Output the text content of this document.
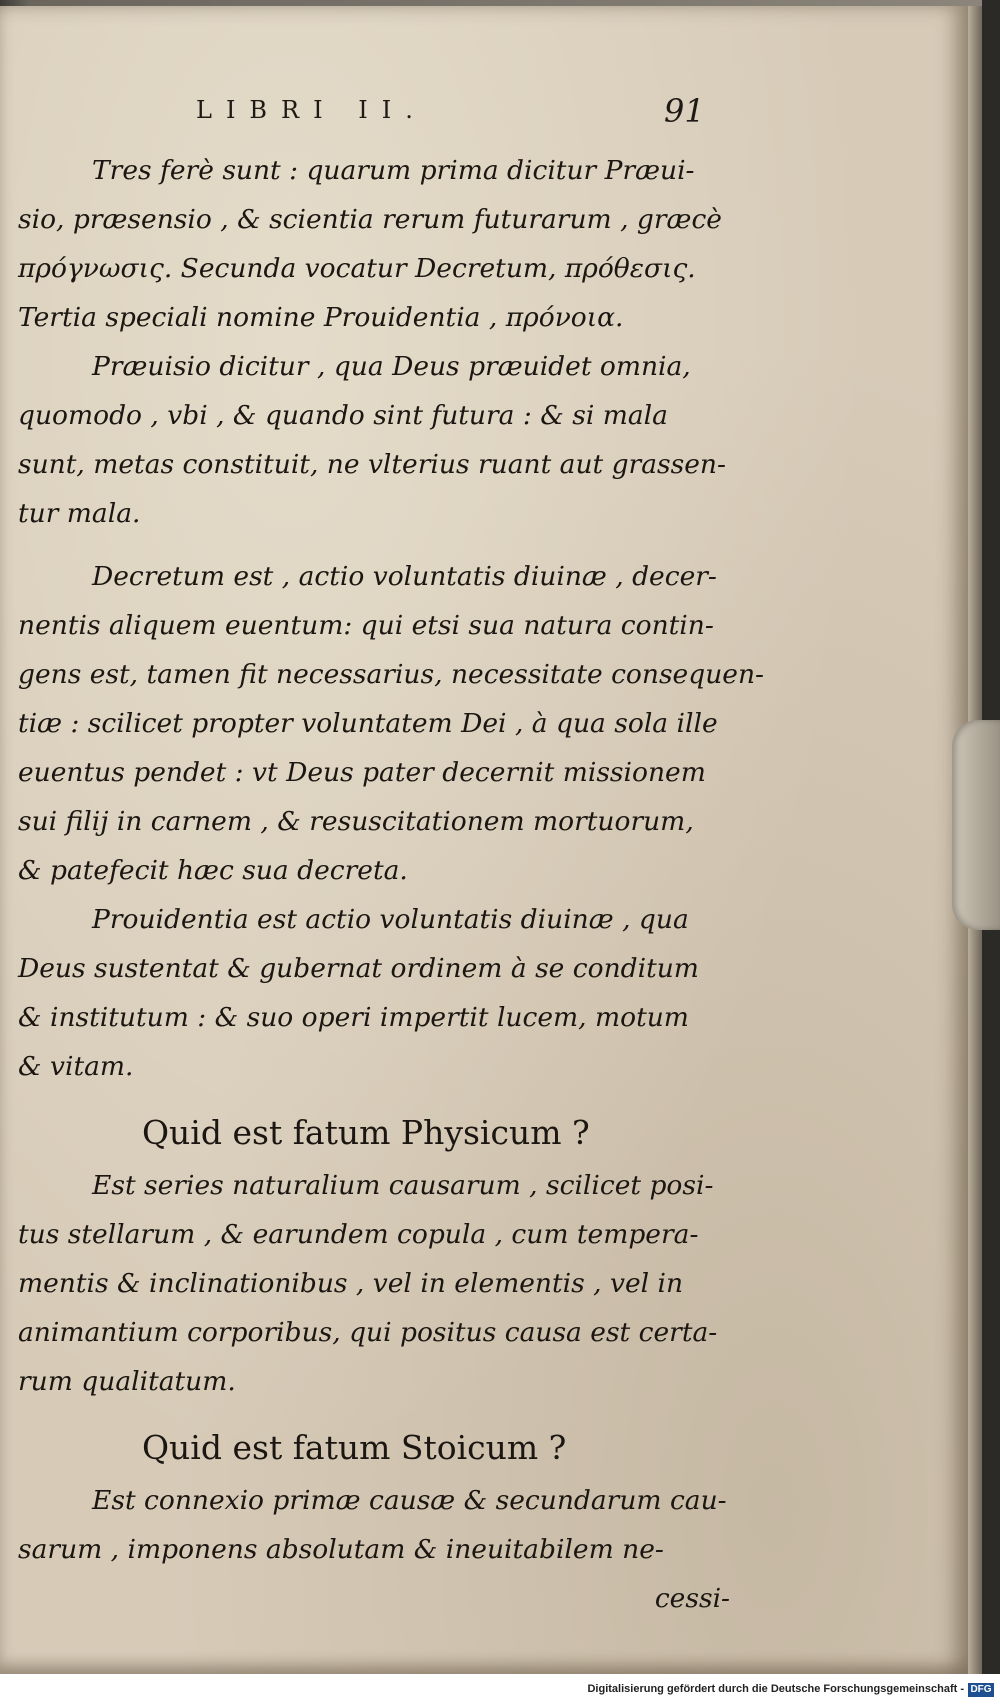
LIBRI II.	91
Tres ferè sunt : quarum prima dicitur Præui-
sio, præsensio , & scientia rerum futurarum , græcè
πρόγνωσις. Secunda vocatur Decretum, πρόθεσις.
Tertia speciali nomine Prouidentia , πρόνοια.
Præuisio dicitur , qua Deus præuidet omnia,
quomodo , vbi , & quando sint futura : & si mala
sunt, metas constituit, ne vlterius ruant aut grassen-
tur mala.
Decretum est , actio voluntatis diuinæ , decer-
nentis aliquem euentum: qui etsi sua natura contin-
gens est, tamen fit necessarius, necessitate consequen-
tiæ : scilicet propter voluntatem Dei , à qua sola ille
euentus pendet : vt Deus pater decernit missionem
sui filij in carnem , & resuscitationem mortuorum,
& patefecit hæc sua decreta.
Prouidentia est actio voluntatis diuinæ , qua
Deus sustentat & gubernat ordinem à se conditum
& institutum : & suo operi impertit lucem, motum
& vitam.
Quid est fatum Physicum ?
Est series naturalium causarum , scilicet posi-
tus stellarum , & earundem copula , cum tempera-
mentis & inclinationibus , vel in elementis , vel in
animantium corporibus, qui positus causa est certa-
rum qualitatum.
Quid est fatum Stoicum ?
Est connexio primæ causæ & secundarum cau-
sarum , imponens absolutam & ineuitabilem ne-
cessi-
Digitalisierung gefördert durch die Deutsche Forschungsgemeinschaft - DFG
